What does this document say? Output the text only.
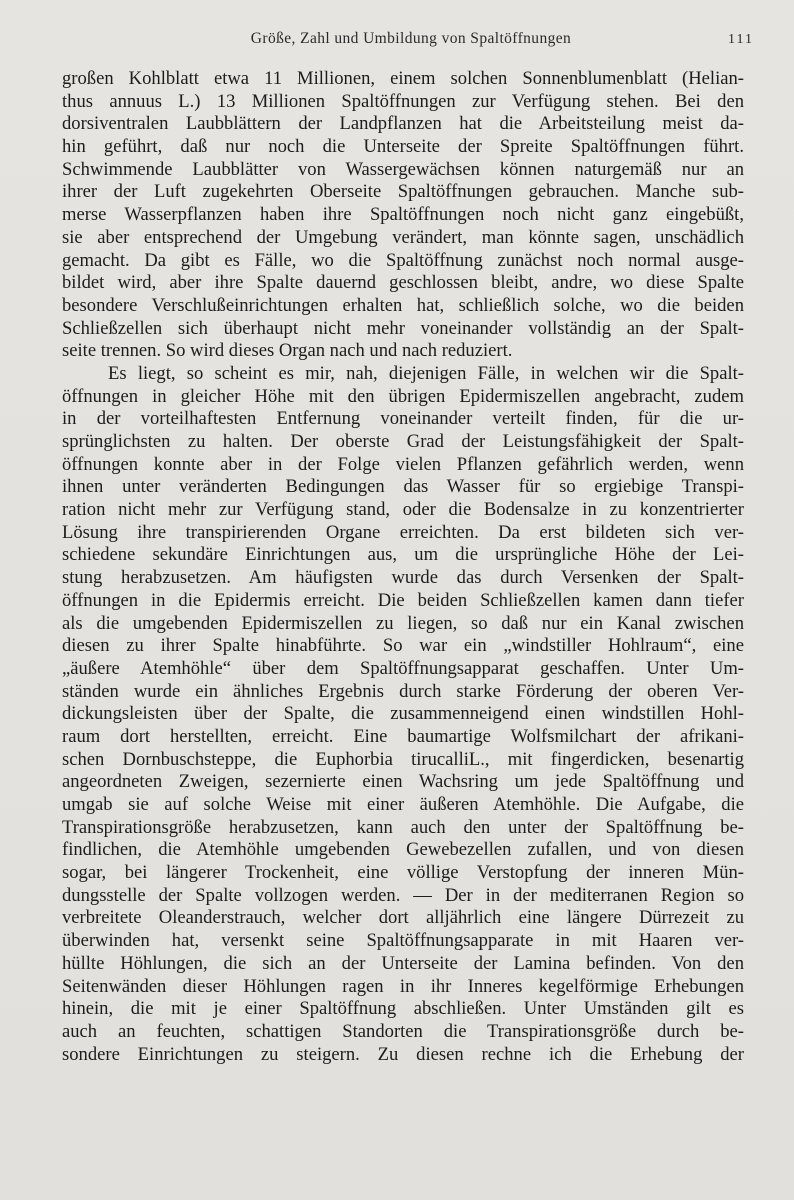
Größe, Zahl und Umbildung von Spaltöffnungen	111
großen Kohlblatt etwa 11 Millionen, einem solchen Sonnenblumenblatt (Helian-
thus annuus L.) 13 Millionen Spaltöffnungen zur Verfügung stehen. Bei den
dorsiventralen Laubblättern der Landpflanzen hat die Arbeitsteilung meist da-
hin geführt, daß nur noch die Unterseite der Spreite Spaltöffnungen führt.
Schwimmende Laubblätter von Wassergewächsen können naturgemäß nur an
ihrer der Luft zugekehrten Oberseite Spaltöffnungen gebrauchen. Manche sub-
merse Wasserpflanzen haben ihre Spaltöffnungen noch nicht ganz eingebüßt,
sie aber entsprechend der Umgebung verändert, man könnte sagen, unschädlich
gemacht. Da gibt es Fälle, wo die Spaltöffnung zunächst noch normal ausge-
bildet wird, aber ihre Spalte dauernd geschlossen bleibt, andre, wo diese Spalte
besondere Verschlußeinrichtungen erhalten hat, schließlich solche, wo die beiden
Schließzellen sich überhaupt nicht mehr voneinander vollständig an der Spalt-
seite trennen. So wird dieses Organ nach und nach reduziert.
Es liegt, so scheint es mir, nah, diejenigen Fälle, in welchen wir die Spalt-
öffnungen in gleicher Höhe mit den übrigen Epidermiszellen angebracht, zudem
in der vorteilhaftesten Entfernung voneinander verteilt finden, für die ur-
sprünglichsten zu halten. Der oberste Grad der Leistungsfähigkeit der Spalt-
öffnungen konnte aber in der Folge vielen Pflanzen gefährlich werden, wenn
ihnen unter veränderten Bedingungen das Wasser für so ergiebige Transpi-
ration nicht mehr zur Verfügung stand, oder die Bodensalze in zu konzentrierter
Lösung ihre transpirierenden Organe erreichten. Da erst bildeten sich ver-
schiedene sekundäre Einrichtungen aus, um die ursprüngliche Höhe der Lei-
stung herabzusetzen. Am häufigsten wurde das durch Versenken der Spalt-
öffnungen in die Epidermis erreicht. Die beiden Schließzellen kamen dann tiefer
als die umgebenden Epidermiszellen zu liegen, so daß nur ein Kanal zwischen
diesen zu ihrer Spalte hinabführte. So war ein „windstiller Hohlraum“, eine
„äußere Atemhöhle“ über dem Spaltöffnungsapparat geschaffen. Unter Um-
ständen wurde ein ähnliches Ergebnis durch starke Förderung der oberen Ver-
dickungsleisten über der Spalte, die zusammenneigend einen windstillen Hohl-
raum dort herstellten, erreicht. Eine baumartige Wolfsmilchart der afrikani-
schen Dornbuschsteppe, die Euphorbia tirucalliL., mit fingerdicken, besenartig
angeordneten Zweigen, sezernierte einen Wachsring um jede Spaltöffnung und
umgab sie auf solche Weise mit einer äußeren Atemhöhle. Die Aufgabe, die
Transpirationsgröße herabzusetzen, kann auch den unter der Spaltöffnung be-
findlichen, die Atemhöhle umgebenden Gewebezellen zufallen, und von diesen
sogar, bei längerer Trockenheit, eine völlige Verstopfung der inneren Mün-
dungsstelle der Spalte vollzogen werden. — Der in der mediterranen Region so
verbreitete Oleanderstrauch, welcher dort alljährlich eine längere Dürrezeit zu
überwinden hat, versenkt seine Spaltöffnungsapparate in mit Haaren ver-
hüllte Höhlungen, die sich an der Unterseite der Lamina befinden. Von den
Seitenwänden dieser Höhlungen ragen in ihr Inneres kegelförmige Erhebungen
hinein, die mit je einer Spaltöffnung abschließen. Unter Umständen gilt es
auch an feuchten, schattigen Standorten die Transpirationsgröße durch be-
sondere Einrichtungen zu steigern. Zu diesen rechne ich die Erhebung der
